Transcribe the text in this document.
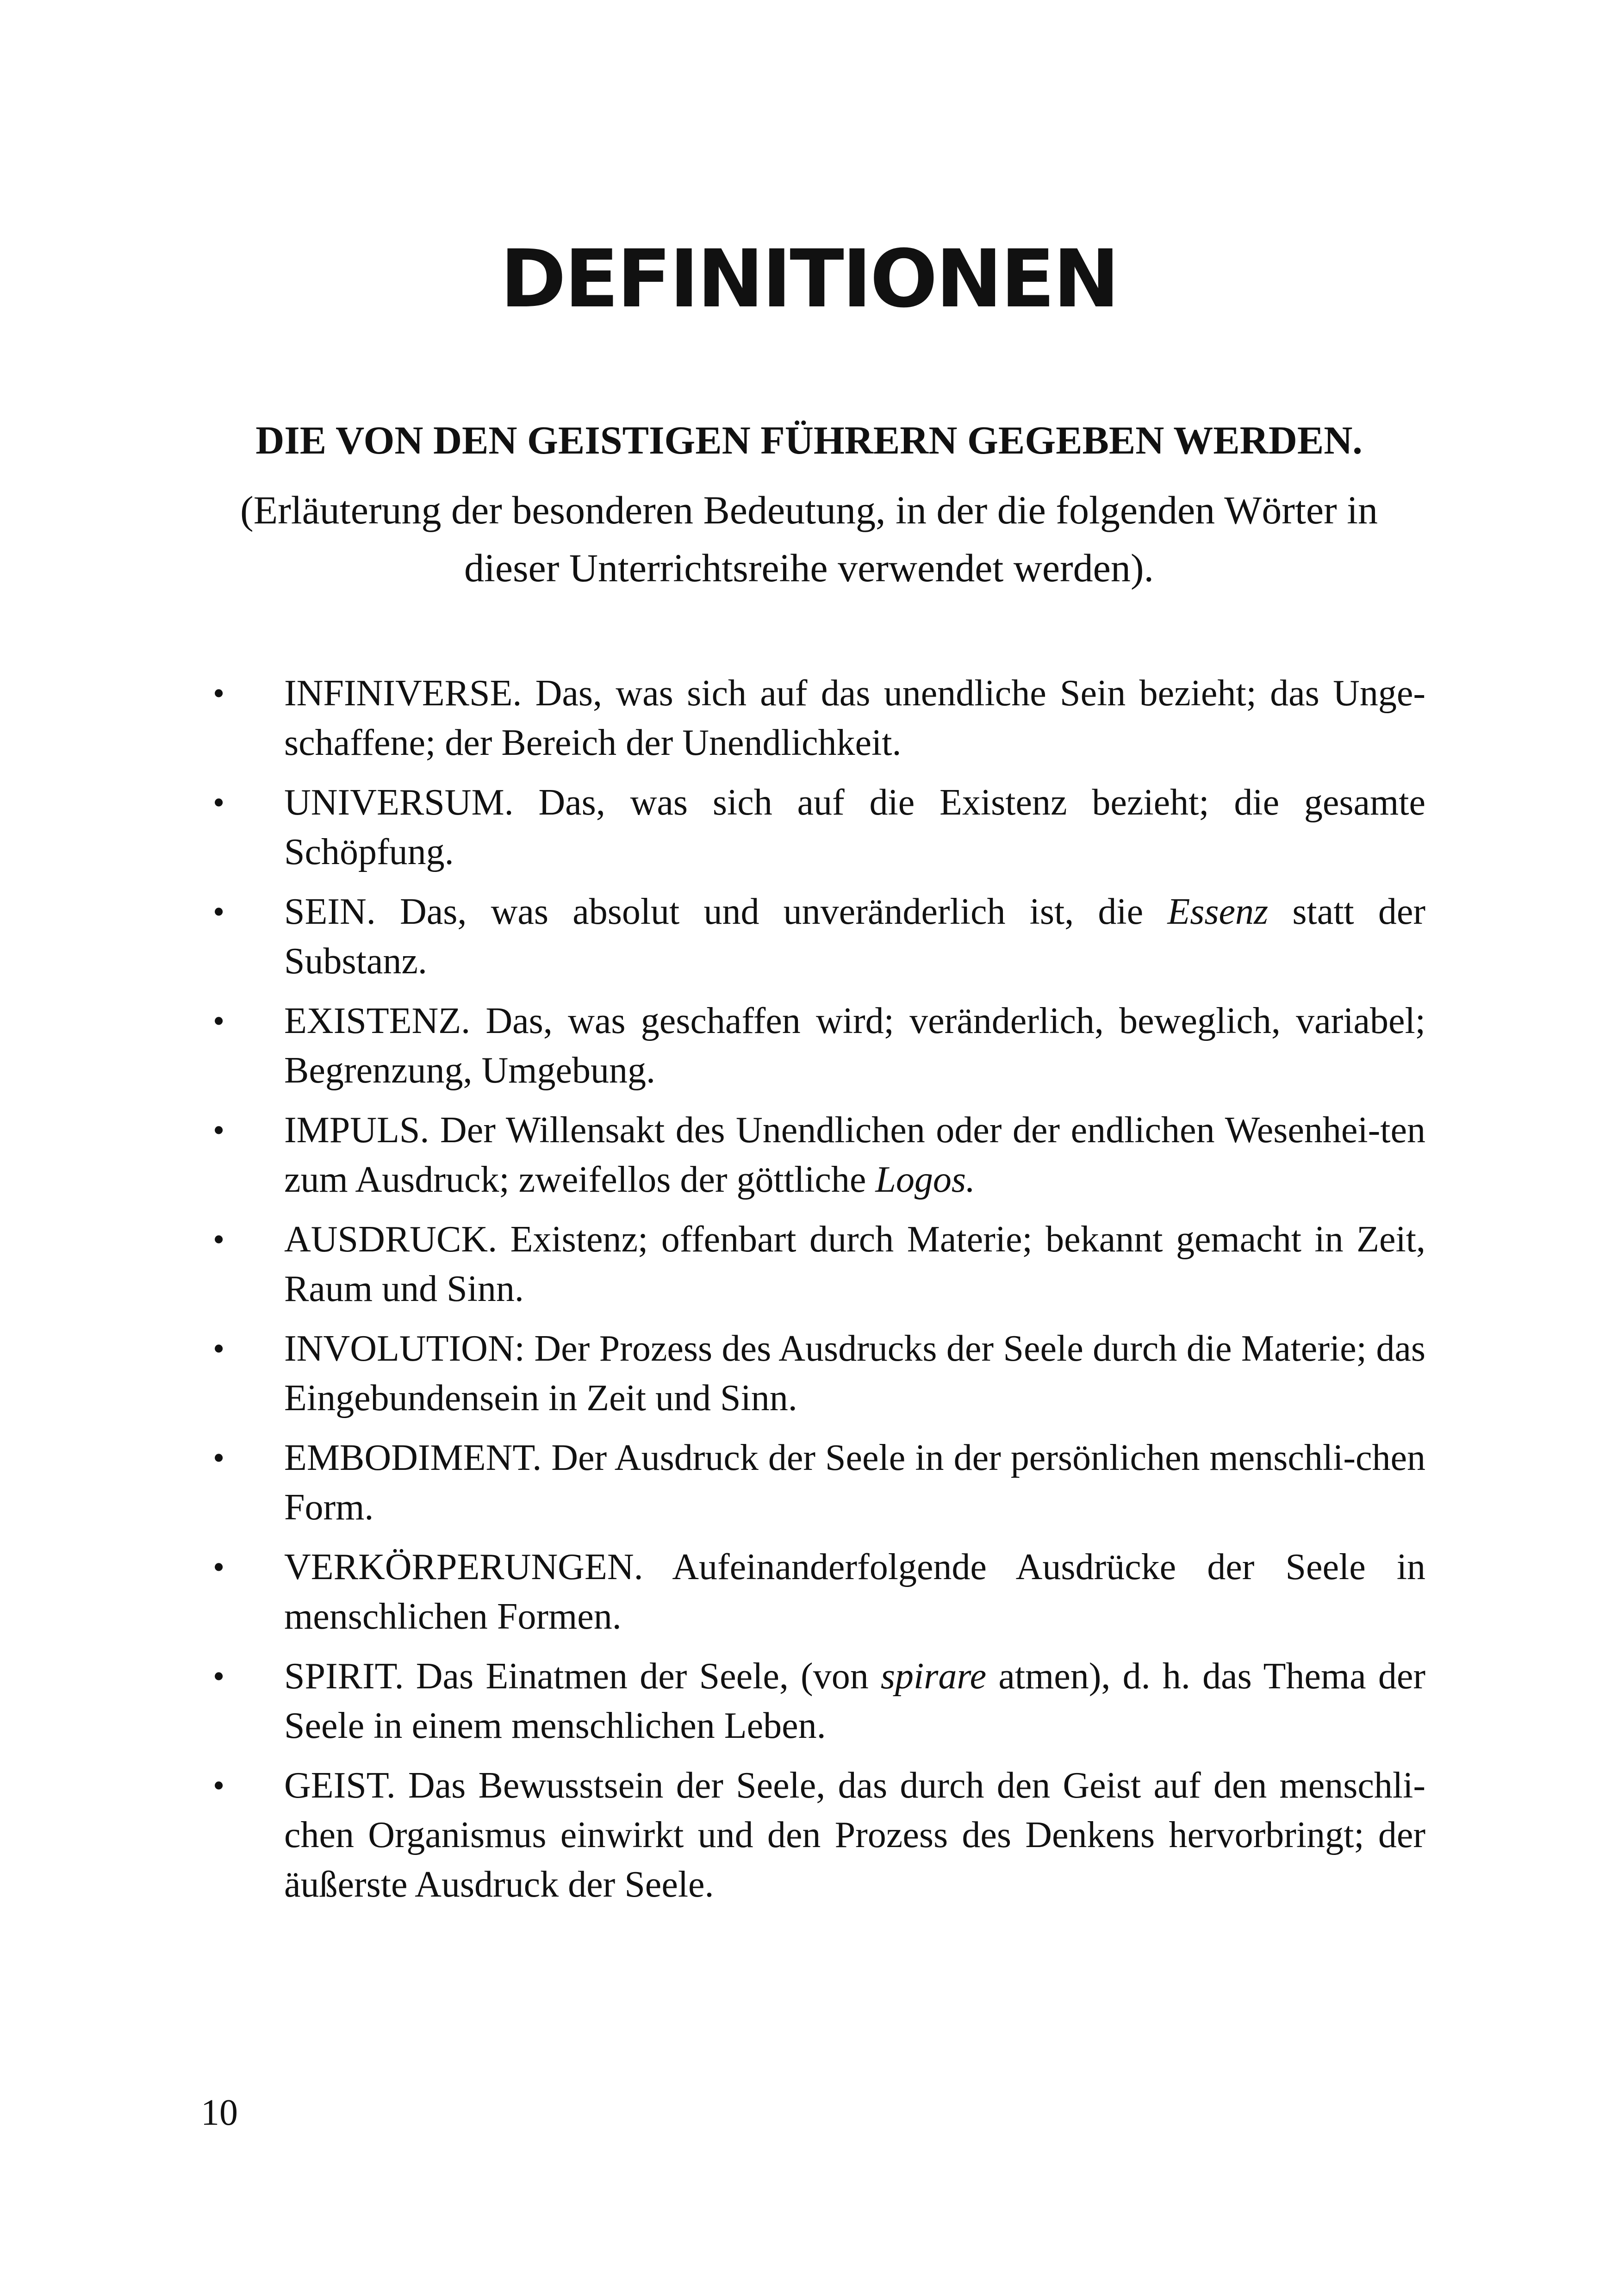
DEFINITIONEN
DIE VON DEN GEISTIGEN FÜHRERN GEGEBEN WERDEN.

(Erläuterung der besonderen Bedeutung, in der die folgenden Wörter in
dieser Unterrichtsreihe verwendet werden).

• INFINIVERSE. Das, was sich auf das unendliche Sein bezieht; das Unge-schaffene; der Bereich der Unendlichkeit.
• UNIVERSUM. Das, was sich auf die Existenz bezieht; die gesamte Schöpfung.
• SEIN. Das, was absolut und unveränderlich ist, die Essenz statt der Substanz.
• EXISTENZ. Das, was geschaffen wird; veränderlich, beweglich, variabel; Begrenzung, Umgebung.
• IMPULS. Der Willensakt des Unendlichen oder der endlichen Wesenhei-ten zum Ausdruck; zweifellos der göttliche Logos.
• AUSDRUCK. Existenz; offenbart durch Materie; bekannt gemacht in Zeit, Raum und Sinn.
• INVOLUTION: Der Prozess des Ausdrucks der Seele durch die Materie; das Eingebundensein in Zeit und Sinn.
• EMBODIMENT. Der Ausdruck der Seele in der persönlichen menschli-chen Form.
• VERKÖRPERUNGEN. Aufeinanderfolgende Ausdrücke der Seele in menschlichen Formen.
• SPIRIT. Das Einatmen der Seele, (von spirare atmen), d. h. das Thema der Seele in einem menschlichen Leben.
• GEIST. Das Bewusstsein der Seele, das durch den Geist auf den menschli-chen Organismus einwirkt und den Prozess des Denkens hervorbringt; der äußerste Ausdruck der Seele.
10
